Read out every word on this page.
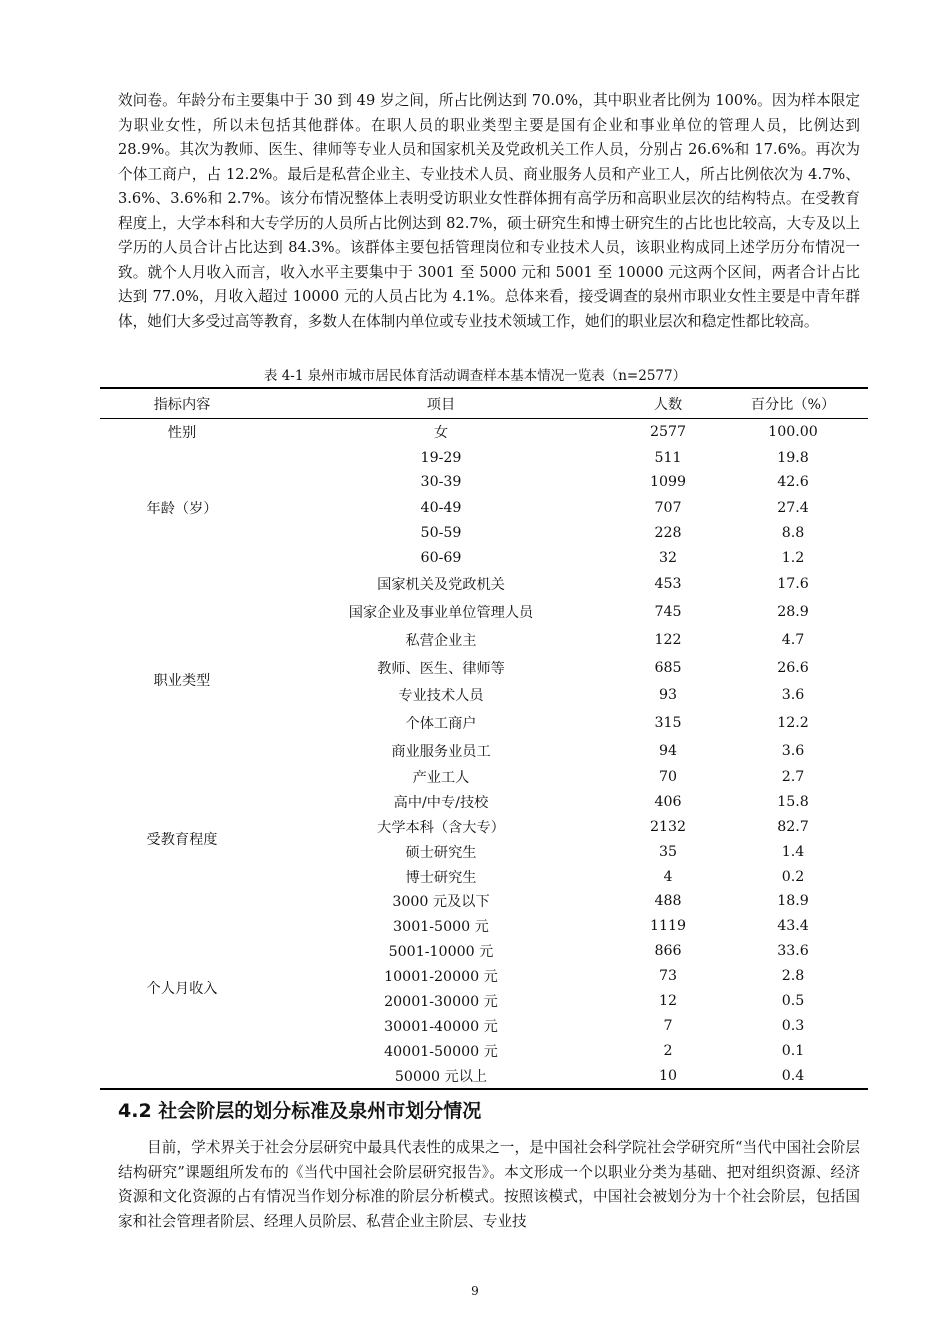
效问卷。年龄分布主要集中于 30 到 49 岁之间，所占比例达到 70.0%，其中职业者比例为 100%。因为样本限定为职业女性，所以未包括其他群体。在职人员的职业类型主要是国有企业和事业单位的管理人员，比例达到 28.9%。其次为教师、医生、律师等专业人员和国家机关及党政机关工作人员，分别占 26.6%和 17.6%。再次为个体工商户，占 12.2%。最后是私营企业主、专业技术人员、商业服务人员和产业工人，所占比例依次为 4.7%、3.6%、3.6%和 2.7%。该分布情况整体上表明受访职业女性群体拥有高学历和高职业层次的结构特点。在受教育程度上，大学本科和大专学历的人员所占比例达到 82.7%，硕士研究生和博士研究生的占比也比较高，大专及以上学历的人员合计占比达到 84.3%。该群体主要包括管理岗位和专业技术人员，该职业构成同上述学历分布情况一致。就个人月收入而言，收入水平主要集中于 3001 至 5000 元和 5001 至 10000 元这两个区间，两者合计占比达到 77.0%，月收入超过 10000 元的人员占比为 4.1%。总体来看，接受调查的泉州市职业女性主要是中青年群体，她们大多受过高等教育，多数人在体制内单位或专业技术领域工作，她们的职业层次和稳定性都比较高。

表 4-1 泉州市城市居民体育活动调查样本基本情况一览表（n=2577）

指标内容	项目	人数	百分比（%）
性别	女	2577	100.00
年龄（岁）	19-29	511	19.8
	30-39	1099	42.6
	40-49	707	27.4
	50-59	228	8.8
	60-69	32	1.2
职业类型	国家机关及党政机关	453	17.6
	国家企业及事业单位管理人员	745	28.9
	私营企业主	122	4.7
	教师、医生、律师等	685	26.6
	专业技术人员	93	3.6
	个体工商户	315	12.2
	商业服务业员工	94	3.6
	产业工人	70	2.7
受教育程度	高中/中专/技校	406	15.8
	大学本科（含大专）	2132	82.7
	硕士研究生	35	1.4
	博士研究生	4	0.2
个人月收入	3000 元及以下	488	18.9
	3001-5000 元	1119	43.4
	5001-10000 元	866	33.6
	10001-20000 元	73	2.8
	20001-30000 元	12	0.5
	30001-40000 元	7	0.3
	40001-50000 元	2	0.1
	50000 元以上	10	0.4
4.2 社会阶层的划分标准及泉州市划分情况

目前，学术界关于社会分层研究中最具代表性的成果之一，是中国社会科学院社会学研究所“当代中国社会阶层结构研究”课题组所发布的《当代中国社会阶层研究报告》。本文形成一个以职业分类为基础、把对组织资源、经济资源和文化资源的占有情况当作划分标准的阶层分析模式。按照该模式，中国社会被划分为十个社会阶层，包括国家和社会管理者阶层、经理人员阶层、私营企业主阶层、专业技

9
